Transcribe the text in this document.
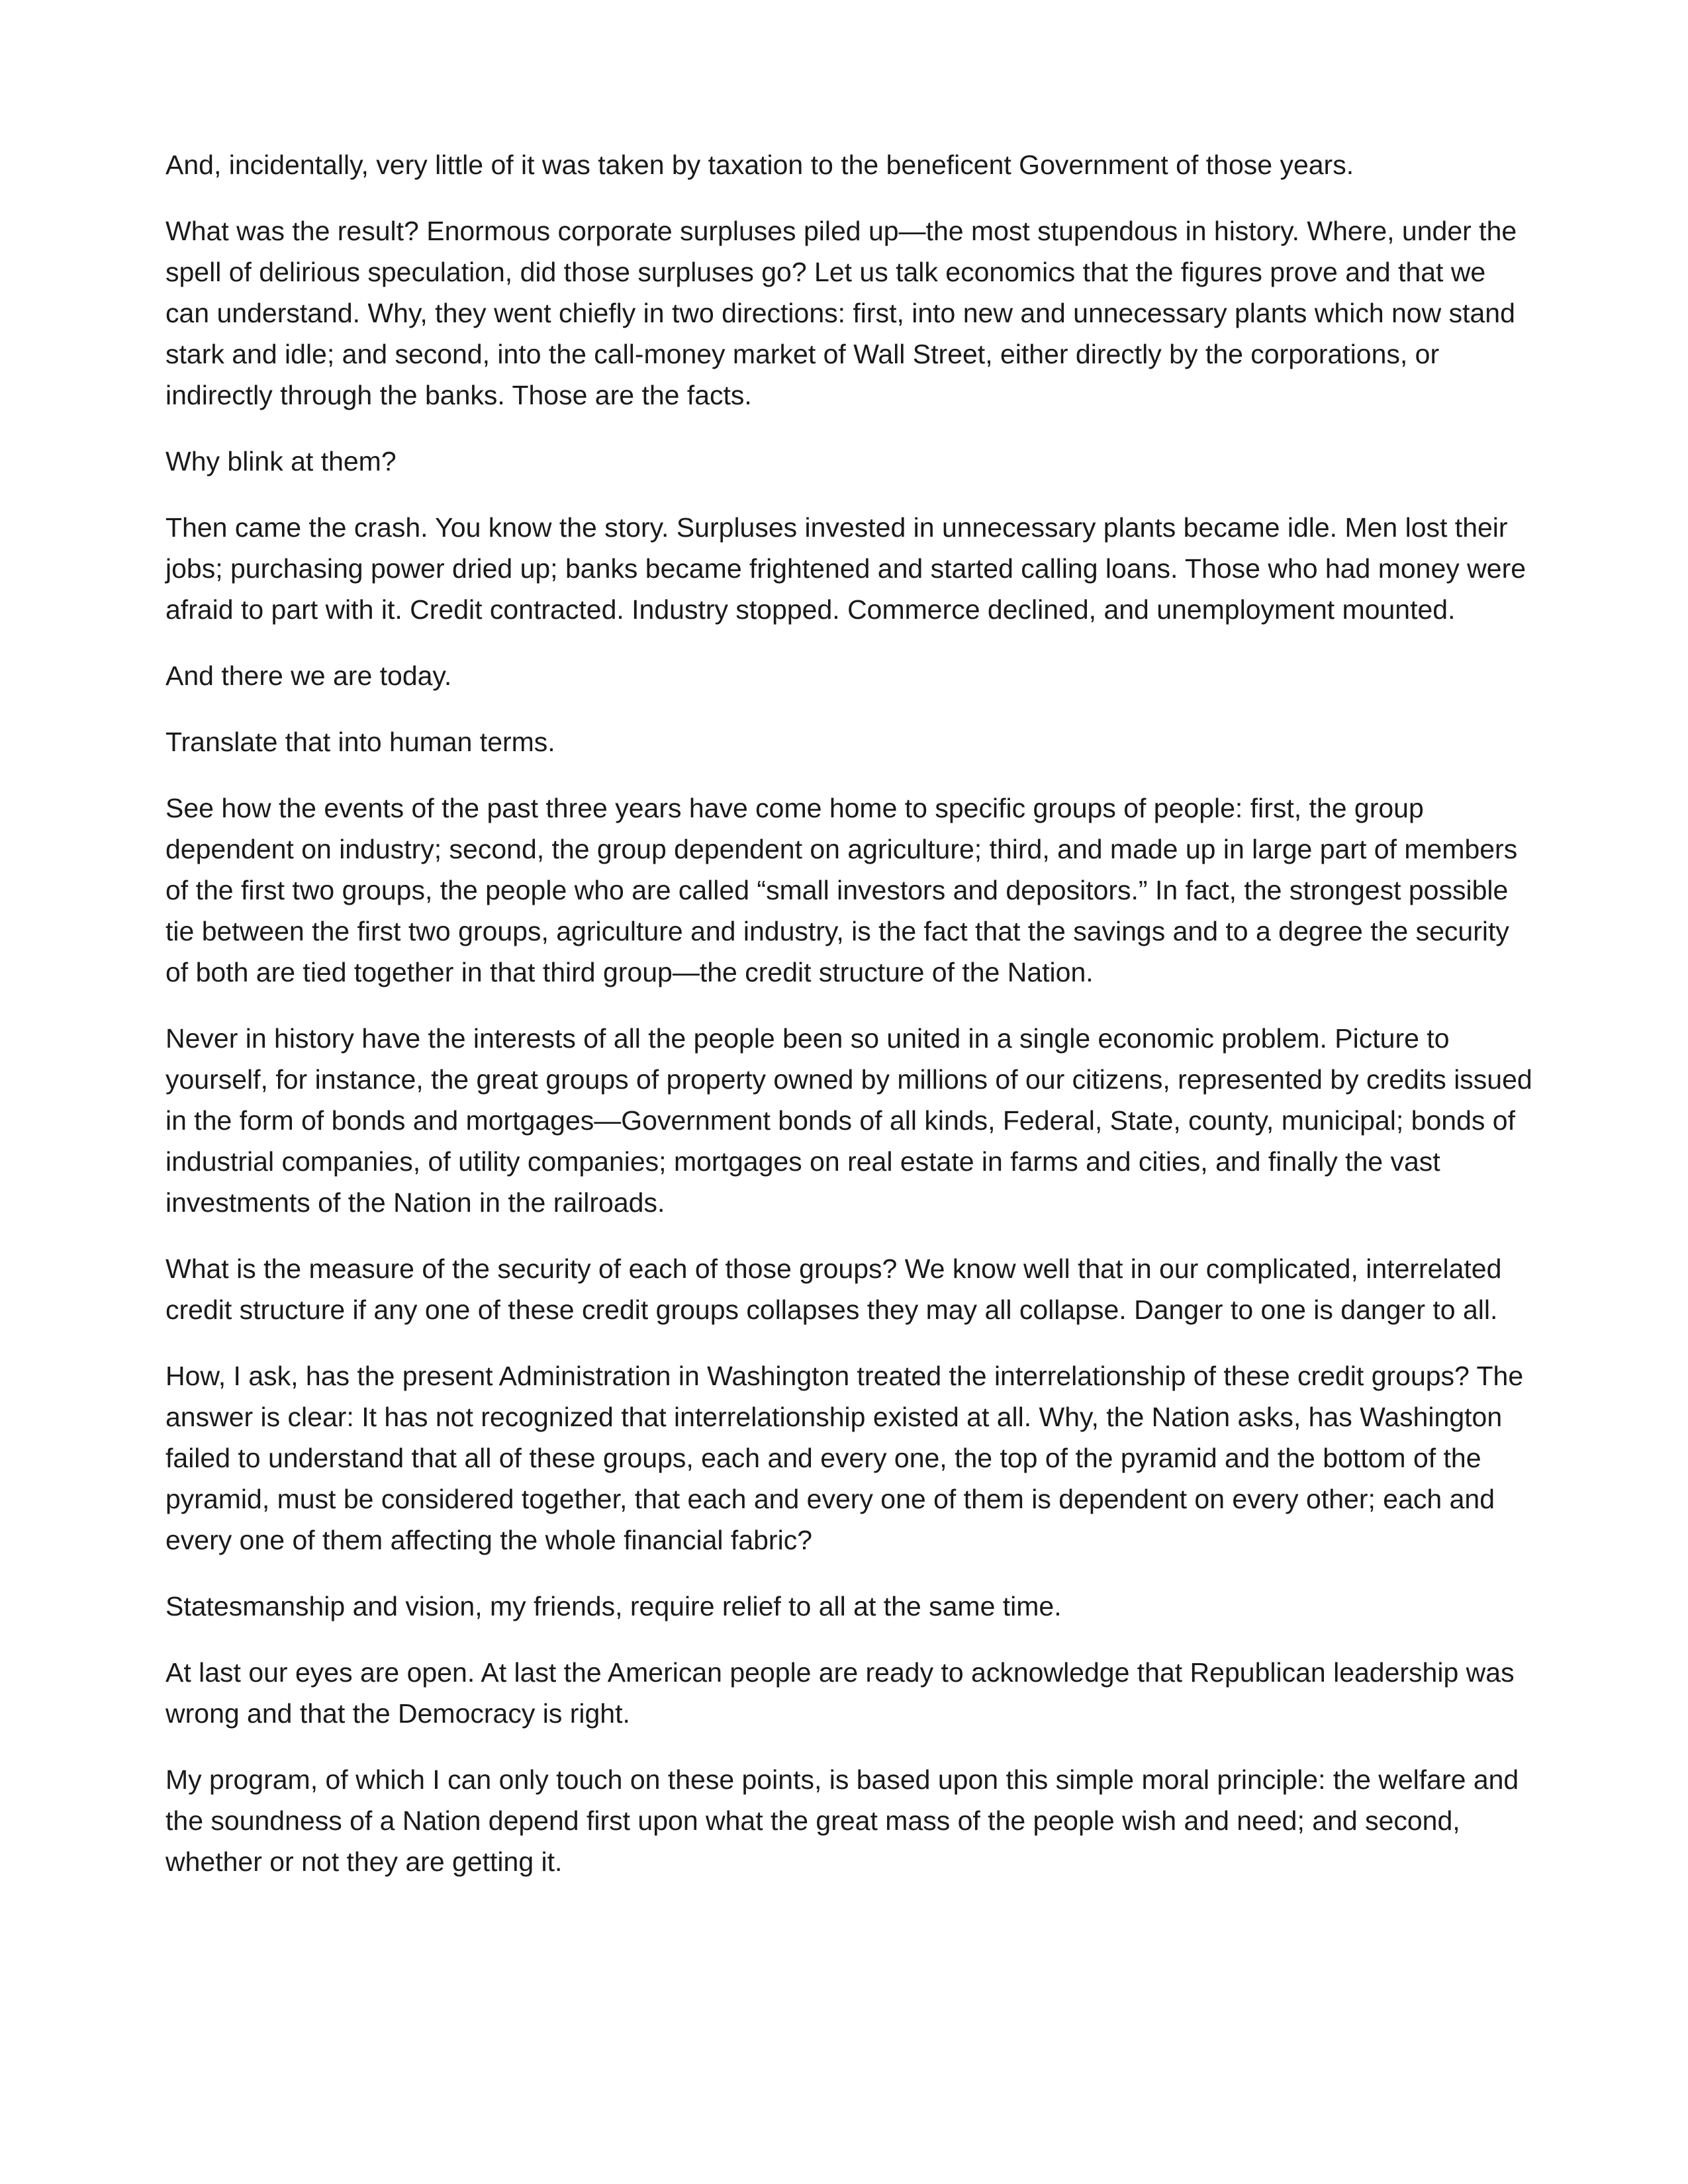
And, incidentally, very little of it was taken by taxation to the beneficent Government of those years.

What was the result? Enormous corporate surpluses piled up—the most stupendous in history. Where, under the spell of delirious speculation, did those surpluses go? Let us talk economics that the figures prove and that we can understand. Why, they went chiefly in two directions: first, into new and unnecessary plants which now stand stark and idle; and second, into the call-money market of Wall Street, either directly by the corporations, or indirectly through the banks. Those are the facts.

Why blink at them?

Then came the crash. You know the story. Surpluses invested in unnecessary plants became idle. Men lost their jobs; purchasing power dried up; banks became frightened and started calling loans. Those who had money were afraid to part with it. Credit contracted. Industry stopped. Commerce declined, and unemployment mounted.

And there we are today.

Translate that into human terms.

See how the events of the past three years have come home to specific groups of people: first, the group dependent on industry; second, the group dependent on agriculture; third, and made up in large part of members of the first two groups, the people who are called “small investors and depositors.” In fact, the strongest possible tie between the first two groups, agriculture and industry, is the fact that the savings and to a degree the security of both are tied together in that third group—the credit structure of the Nation.

Never in history have the interests of all the people been so united in a single economic problem. Picture to yourself, for instance, the great groups of property owned by millions of our citizens, represented by credits issued in the form of bonds and mortgages—Government bonds of all kinds, Federal, State, county, municipal; bonds of industrial companies, of utility companies; mortgages on real estate in farms and cities, and finally the vast investments of the Nation in the railroads.

What is the measure of the security of each of those groups? We know well that in our complicated, interrelated credit structure if any one of these credit groups collapses they may all collapse. Danger to one is danger to all.

How, I ask, has the present Administration in Washington treated the interrelationship of these credit groups? The answer is clear: It has not recognized that interrelationship existed at all. Why, the Nation asks, has Washington failed to understand that all of these groups, each and every one, the top of the pyramid and the bottom of the pyramid, must be considered together, that each and every one of them is dependent on every other; each and every one of them affecting the whole financial fabric?

Statesmanship and vision, my friends, require relief to all at the same time.

At last our eyes are open. At last the American people are ready to acknowledge that Republican leadership was wrong and that the Democracy is right.

My program, of which I can only touch on these points, is based upon this simple moral principle: the welfare and the soundness of a Nation depend first upon what the great mass of the people wish and need; and second, whether or not they are getting it.
